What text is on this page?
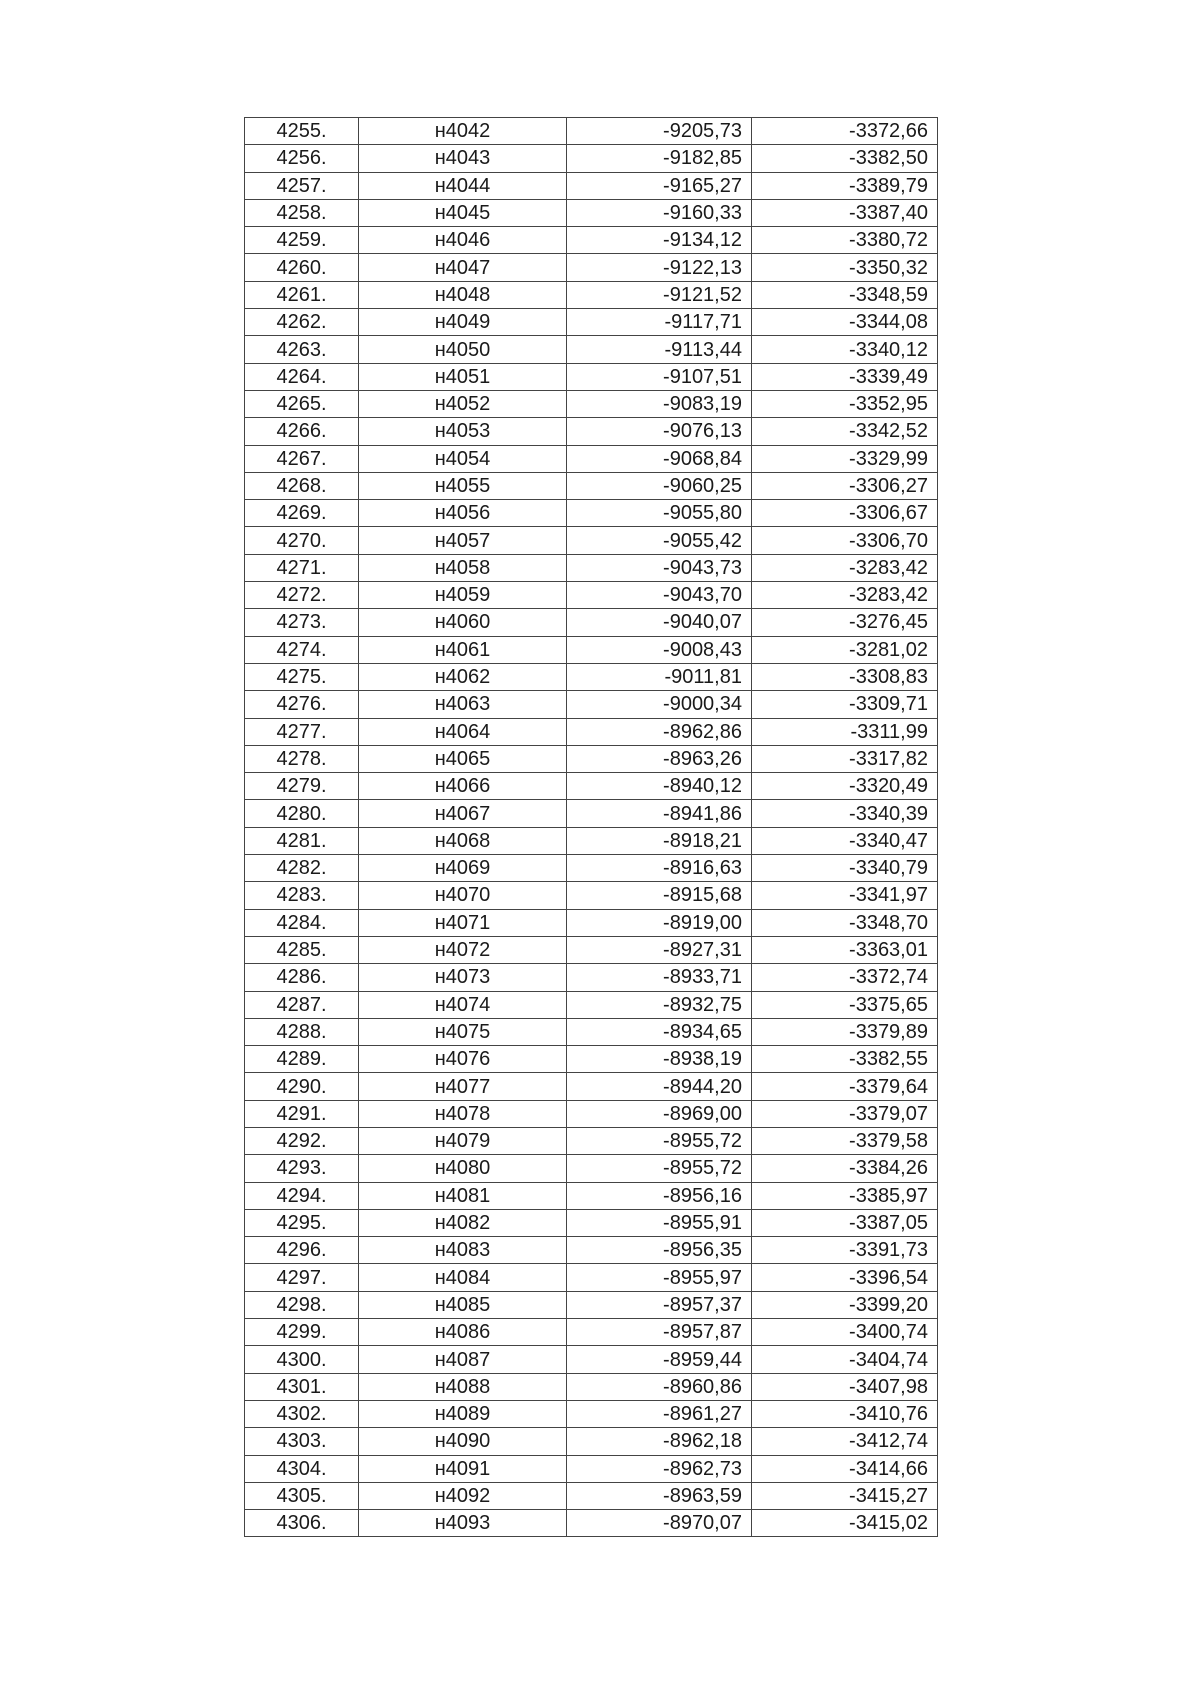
4255.	н4042	-9205,73	-3372,66
4256.	н4043	-9182,85	-3382,50
4257.	н4044	-9165,27	-3389,79
4258.	н4045	-9160,33	-3387,40
4259.	н4046	-9134,12	-3380,72
4260.	н4047	-9122,13	-3350,32
4261.	н4048	-9121,52	-3348,59
4262.	н4049	-9117,71	-3344,08
4263.	н4050	-9113,44	-3340,12
4264.	н4051	-9107,51	-3339,49
4265.	н4052	-9083,19	-3352,95
4266.	н4053	-9076,13	-3342,52
4267.	н4054	-9068,84	-3329,99
4268.	н4055	-9060,25	-3306,27
4269.	н4056	-9055,80	-3306,67
4270.	н4057	-9055,42	-3306,70
4271.	н4058	-9043,73	-3283,42
4272.	н4059	-9043,70	-3283,42
4273.	н4060	-9040,07	-3276,45
4274.	н4061	-9008,43	-3281,02
4275.	н4062	-9011,81	-3308,83
4276.	н4063	-9000,34	-3309,71
4277.	н4064	-8962,86	-3311,99
4278.	н4065	-8963,26	-3317,82
4279.	н4066	-8940,12	-3320,49
4280.	н4067	-8941,86	-3340,39
4281.	н4068	-8918,21	-3340,47
4282.	н4069	-8916,63	-3340,79
4283.	н4070	-8915,68	-3341,97
4284.	н4071	-8919,00	-3348,70
4285.	н4072	-8927,31	-3363,01
4286.	н4073	-8933,71	-3372,74
4287.	н4074	-8932,75	-3375,65
4288.	н4075	-8934,65	-3379,89
4289.	н4076	-8938,19	-3382,55
4290.	н4077	-8944,20	-3379,64
4291.	н4078	-8969,00	-3379,07
4292.	н4079	-8955,72	-3379,58
4293.	н4080	-8955,72	-3384,26
4294.	н4081	-8956,16	-3385,97
4295.	н4082	-8955,91	-3387,05
4296.	н4083	-8956,35	-3391,73
4297.	н4084	-8955,97	-3396,54
4298.	н4085	-8957,37	-3399,20
4299.	н4086	-8957,87	-3400,74
4300.	н4087	-8959,44	-3404,74
4301.	н4088	-8960,86	-3407,98
4302.	н4089	-8961,27	-3410,76
4303.	н4090	-8962,18	-3412,74
4304.	н4091	-8962,73	-3414,66
4305.	н4092	-8963,59	-3415,27
4306.	н4093	-8970,07	-3415,02
